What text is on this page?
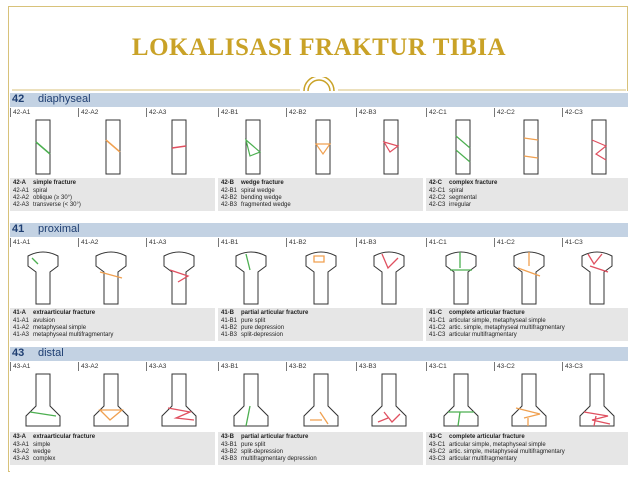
LOKALISASI FRAKTUR TIBIA
42 diaphyseal
42-A1	42-A2	42-A3	42-B1	42-B2	42-B3	42-C1	42-C2	42-C3
42-A simple fracture
42-A1 spiral
42-A2 oblique (≥ 30°)
42-A3 transverse (< 30°)
42-B wedge fracture
42-B1 spiral wedge
42-B2 bending wedge
42-B3 fragmented wedge
42-C complex fracture
42-C1 spiral
42-C2 segmental
42-C3 irregular
41 proximal
41-A1	41-A2	41-A3	41-B1	41-B2	41-B3	41-C1	41-C2	41-C3
41-A extraarticular fracture
41-A1 avulsion
41-A2 metaphyseal simple
41-A3 metaphyseal multifragmentary
41-B partial articular fracture
41-B1 pure split
41-B2 pure depression
41-B3 split-depression
41-C complete articular fracture
41-C1 articular simple, metaphyseal simple
41-C2 artic. simple, metaphyseal multifragmentary
41-C3 articular multifragmentary
43 distal
43-A1	43-A2	43-A3	43-B1	43-B2	43-B3	43-C1	43-C2	43-C3
43-A extraarticular fracture
43-A1 simple
43-A2 wedge
43-A3 complex
43-B partial articular fracture
43-B1 pure split
43-B2 split-depression
43-B3 multifragmentary depression
43-C complete articular fracture
43-C1 articular simple, metaphyseal simple
43-C2 artic. simple, metaphyseal multifragmentary
43-C3 articular multifragmentary
